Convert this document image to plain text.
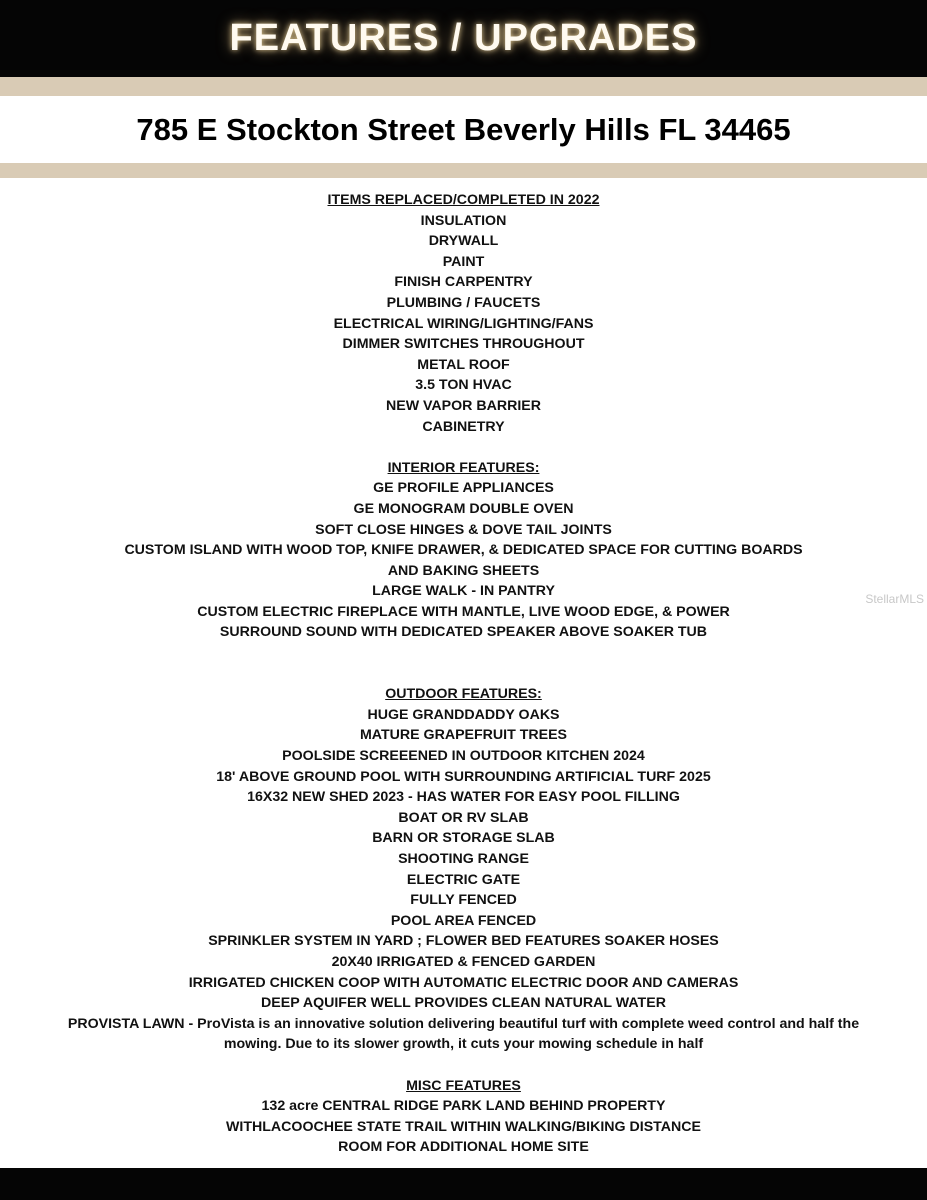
FEATURES / UPGRADES
785 E Stockton Street Beverly Hills FL 34465
ITEMS REPLACED/COMPLETED IN 2022
INSULATION
DRYWALL
PAINT
FINISH CARPENTRY
PLUMBING / FAUCETS
ELECTRICAL WIRING/LIGHTING/FANS
DIMMER SWITCHES THROUGHOUT
METAL ROOF
3.5 TON HVAC
NEW VAPOR BARRIER
CABINETRY
INTERIOR FEATURES:
GE PROFILE APPLIANCES
GE MONOGRAM DOUBLE OVEN
SOFT CLOSE HINGES & DOVE TAIL JOINTS
CUSTOM ISLAND WITH WOOD TOP, KNIFE DRAWER, & DEDICATED SPACE FOR CUTTING BOARDS
AND BAKING SHEETS
LARGE WALK - IN PANTRY
CUSTOM ELECTRIC FIREPLACE WITH MANTLE, LIVE WOOD EDGE, & POWER
SURROUND SOUND WITH DEDICATED SPEAKER ABOVE SOAKER TUB
OUTDOOR FEATURES:
HUGE GRANDDADDY OAKS
MATURE GRAPEFRUIT TREES
POOLSIDE SCREEENED IN OUTDOOR KITCHEN 2024
18' ABOVE GROUND POOL WITH SURROUNDING ARTIFICIAL TURF 2025
16X32 NEW SHED 2023 - HAS WATER FOR EASY POOL FILLING
BOAT OR RV SLAB
BARN OR STORAGE SLAB
SHOOTING RANGE
ELECTRIC GATE
FULLY FENCED
POOL AREA FENCED
SPRINKLER SYSTEM IN YARD ; FLOWER BED FEATURES SOAKER HOSES
20X40 IRRIGATED & FENCED GARDEN
IRRIGATED CHICKEN COOP WITH AUTOMATIC ELECTRIC DOOR AND CAMERAS
DEEP AQUIFER WELL PROVIDES CLEAN NATURAL WATER
PROVISTA LAWN - ProVista is an innovative solution delivering beautiful turf with complete weed control and half the
mowing. Due to its slower growth, it cuts your mowing schedule in half
MISC FEATURES
132 acre CENTRAL RIDGE PARK LAND BEHIND PROPERTY
WITHLACOOCHEE STATE TRAIL WITHIN WALKING/BIKING DISTANCE
ROOM FOR ADDITIONAL HOME SITE
StellarMLS
